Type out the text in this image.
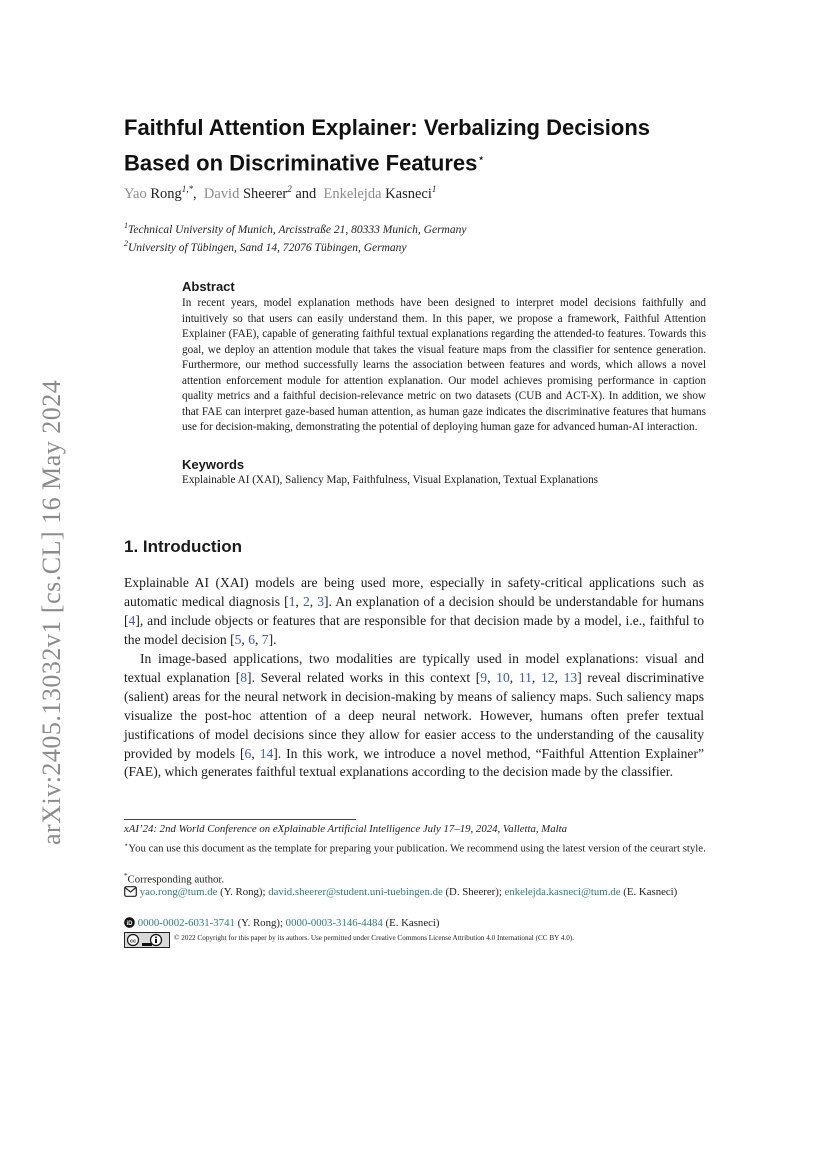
arXiv:2405.13032v1 [cs.CL] 16 May 2024
Faithful Attention Explainer: Verbalizing Decisions
Based on Discriminative Features⋆
Yao Rong$^{1,*}$,  David Sheerer$^2$ and  Enkelejda Kasneci$^1$
$^1$Technical University of Munich, Arcisstraße 21, 80333 Munich, Germany
$^2$University of Tübingen, Sand 14, 72076 Tübingen, Germany
Abstract
In recent years, model explanation methods have been designed to interpret model decisions faithfully and intuitively so that users can easily understand them. In this paper, we propose a framework, Faithful Attention Explainer (FAE), capable of generating faithful textual explanations regarding the attended-to features. Towards this goal, we deploy an attention module that takes the visual feature maps from the classifier for sentence generation. Furthermore, our method successfully learns the association between features and words, which allows a novel attention enforcement module for attention explanation. Our model achieves promising performance in caption quality metrics and a faithful decision-relevance metric on two datasets (CUB and ACT-X). In addition, we show that FAE can interpret gaze-based human attention, as human gaze indicates the discriminative features that humans use for decision-making, demonstrating the potential of deploying human gaze for advanced human-AI interaction.
Keywords
Explainable AI (XAI), Saliency Map, Faithfulness, Visual Explanation, Textual Explanations
1. Introduction
Explainable AI (XAI) models are being used more, especially in safety-critical applications such as automatic medical diagnosis [1, 2, 3]. An explanation of a decision should be understandable for humans [4], and include objects or features that are responsible for that decision made by a model, i.e., faithful to the model decision [5, 6, 7].
In image-based applications, two modalities are typically used in model explanations: visual and textual explanation [8]. Several related works in this context [9, 10, 11, 12, 13] reveal discriminative (salient) areas for the neural network in decision-making by means of saliency maps. Such saliency maps visualize the post-hoc attention of a deep neural network. However, humans often prefer textual justifications of model decisions since they allow for easier access to the understanding of the causality provided by models [6, 14]. In this work, we introduce a novel method, “Faithful Attention Explainer” (FAE), which generates faithful textual explanations according to the decision made by the classifier.
xAI’24: 2nd World Conference on eXplainable Artificial Intelligence July 17–19, 2024, Valletta, Malta
⋆You can use this document as the template for preparing your publication. We recommend using the latest version of the ceurart style.
*Corresponding author.
yao.rong@tum.de (Y. Rong); david.sheerer@student.uni-tuebingen.de (D. Sheerer); enkelejda.kasneci@tum.de (E. Kasneci)
iD 0000-0002-6031-3741 (Y. Rong); 0000-0003-3146-4484 (E. Kasneci)
cc	© 2022 Copyright for this paper by its authors. Use permitted under Creative Commons License Attribution 4.0 International (CC BY 4.0).
